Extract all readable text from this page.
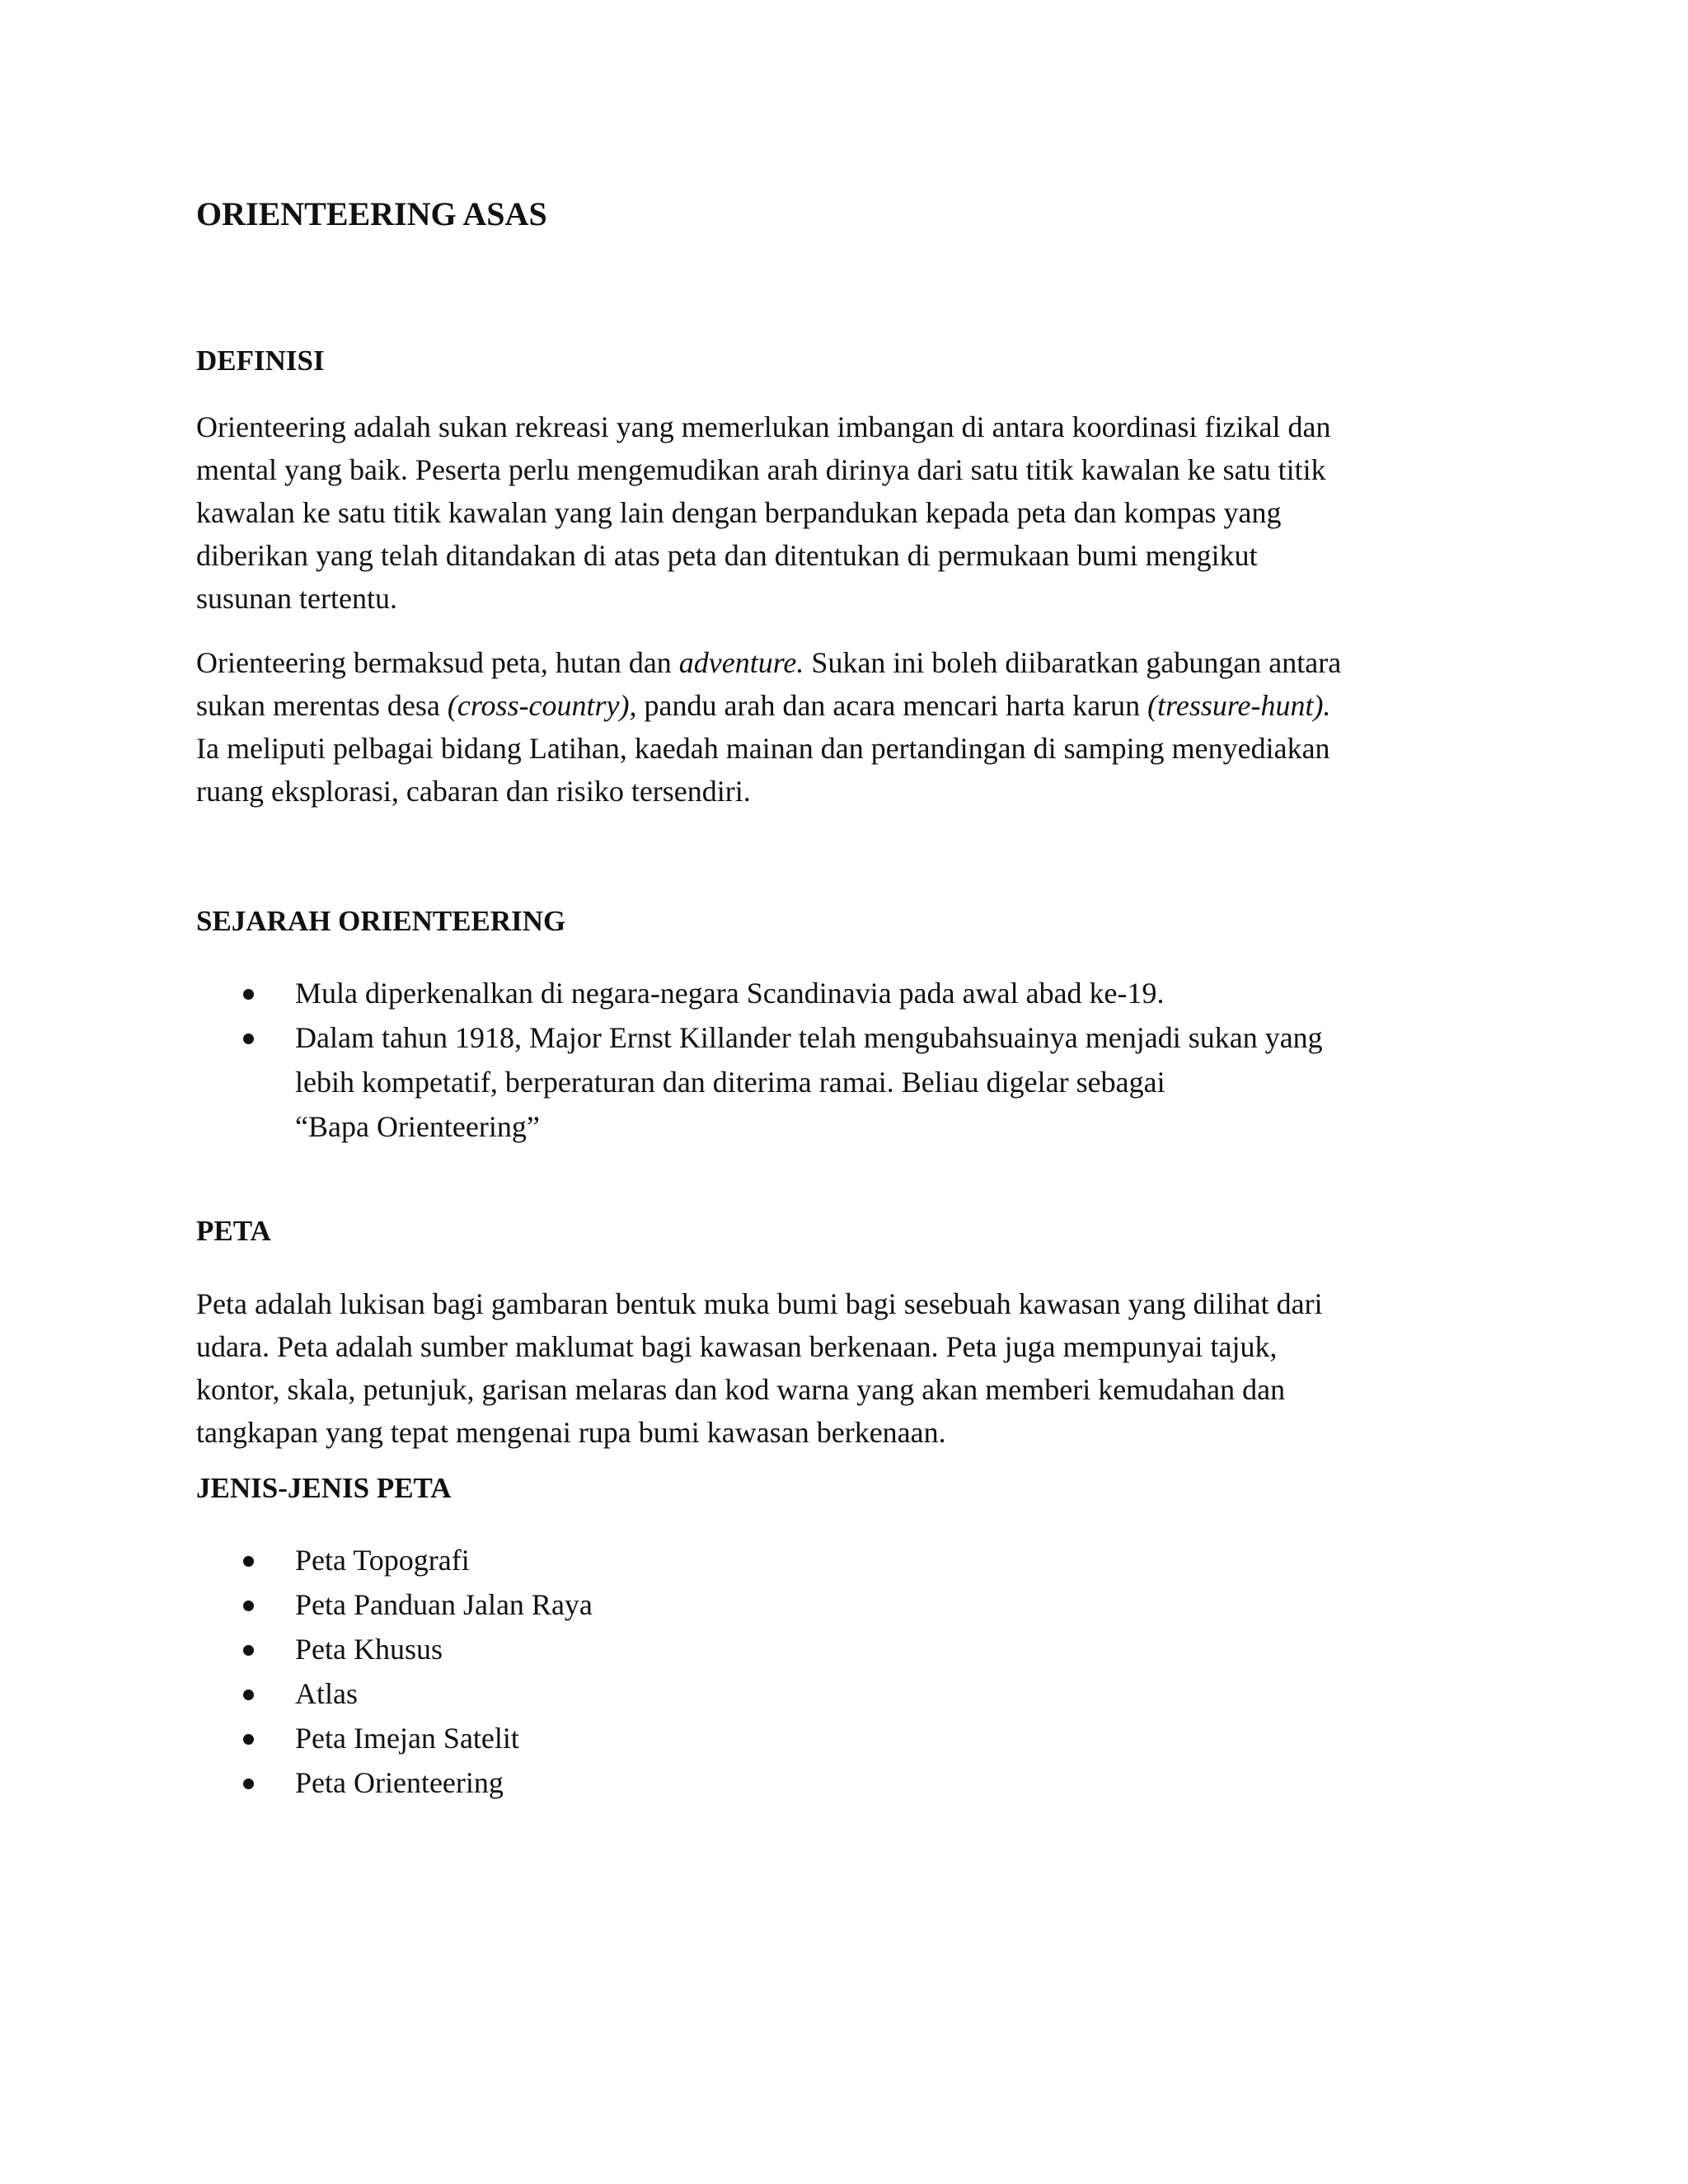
ORIENTEERING ASAS
DEFINISI

Orienteering adalah sukan rekreasi yang memerlukan imbangan di antara koordinasi fizikal dan
mental yang baik. Peserta perlu mengemudikan arah dirinya dari satu titik kawalan ke satu titik
kawalan ke satu titik kawalan yang lain dengan berpandukan kepada peta dan kompas yang
diberikan yang telah ditandakan di atas peta dan ditentukan di permukaan bumi mengikut
susunan tertentu.

Orienteering bermaksud peta, hutan dan adventure. Sukan ini boleh diibaratkan gabungan antara
sukan merentas desa (cross-country), pandu arah dan acara mencari harta karun (tressure-hunt).
Ia meliputi pelbagai bidang Latihan, kaedah mainan dan pertandingan di samping menyediakan
ruang eksplorasi, cabaran dan risiko tersendiri.

SEJARAH ORIENTEERING
Mula diperkenalkan di negara-negara Scandinavia pada awal abad ke-19.
Dalam tahun 1918, Major Ernst Killander telah mengubahsuainya menjadi sukan yang
lebih kompetatif, berperaturan dan diterima ramai. Beliau digelar sebagai
“Bapa Orienteering”
PETA

Peta adalah lukisan bagi gambaran bentuk muka bumi bagi sesebuah kawasan yang dilihat dari
udara. Peta adalah sumber maklumat bagi kawasan berkenaan. Peta juga mempunyai tajuk,
kontor, skala, petunjuk, garisan melaras dan kod warna yang akan memberi kemudahan dan
tangkapan yang tepat mengenai rupa bumi kawasan berkenaan.

JENIS-JENIS PETA
Peta Topografi
Peta Panduan Jalan Raya
Peta Khusus
Atlas
Peta Imejan Satelit
Peta Orienteering
